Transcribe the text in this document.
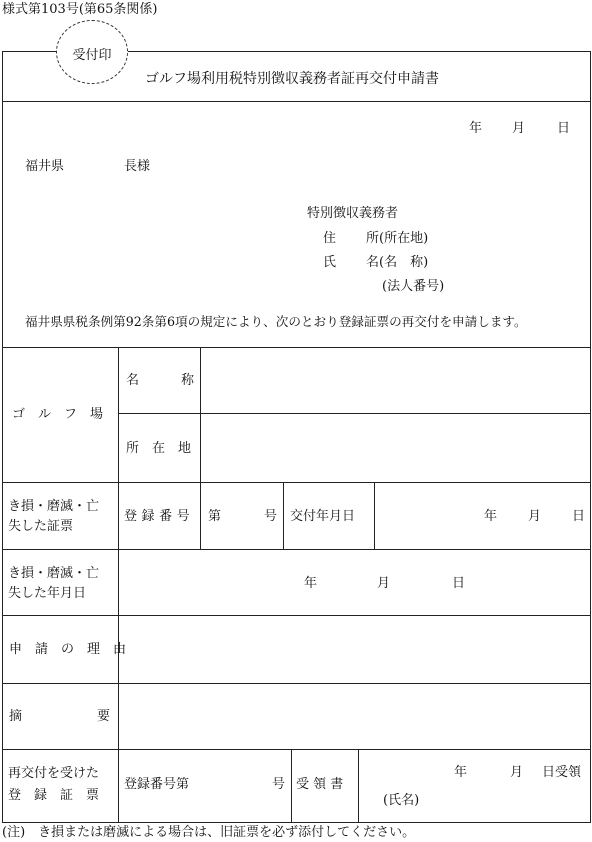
様式第103号(第65条関係)
受付印
ゴルフ場利用税特別徴収義務者証再交付申請書
年 月 日
福井県	長様
特別徴収義務者
住 所(所在地)
氏 名(名　称)
(法人番号)
福井県県税条例第92条第6項の規定により、次のとおり登録証票の再交付を申請します。
ゴ　ル　フ　場
名	称
所　在　地
き損・磨滅・亡
失した証票
登録番号 第	号 交付年月日	年 月 日
き損・磨滅・亡
失した年月日
年	月	日
申　請　の　理　由
摘	要
再交付を受けた
登　録　証　票
登録番号第	号 受 領 書
年	月 日受領
(氏名)
(注)　き損または磨滅による場合は、旧証票を必ず添付してください。
